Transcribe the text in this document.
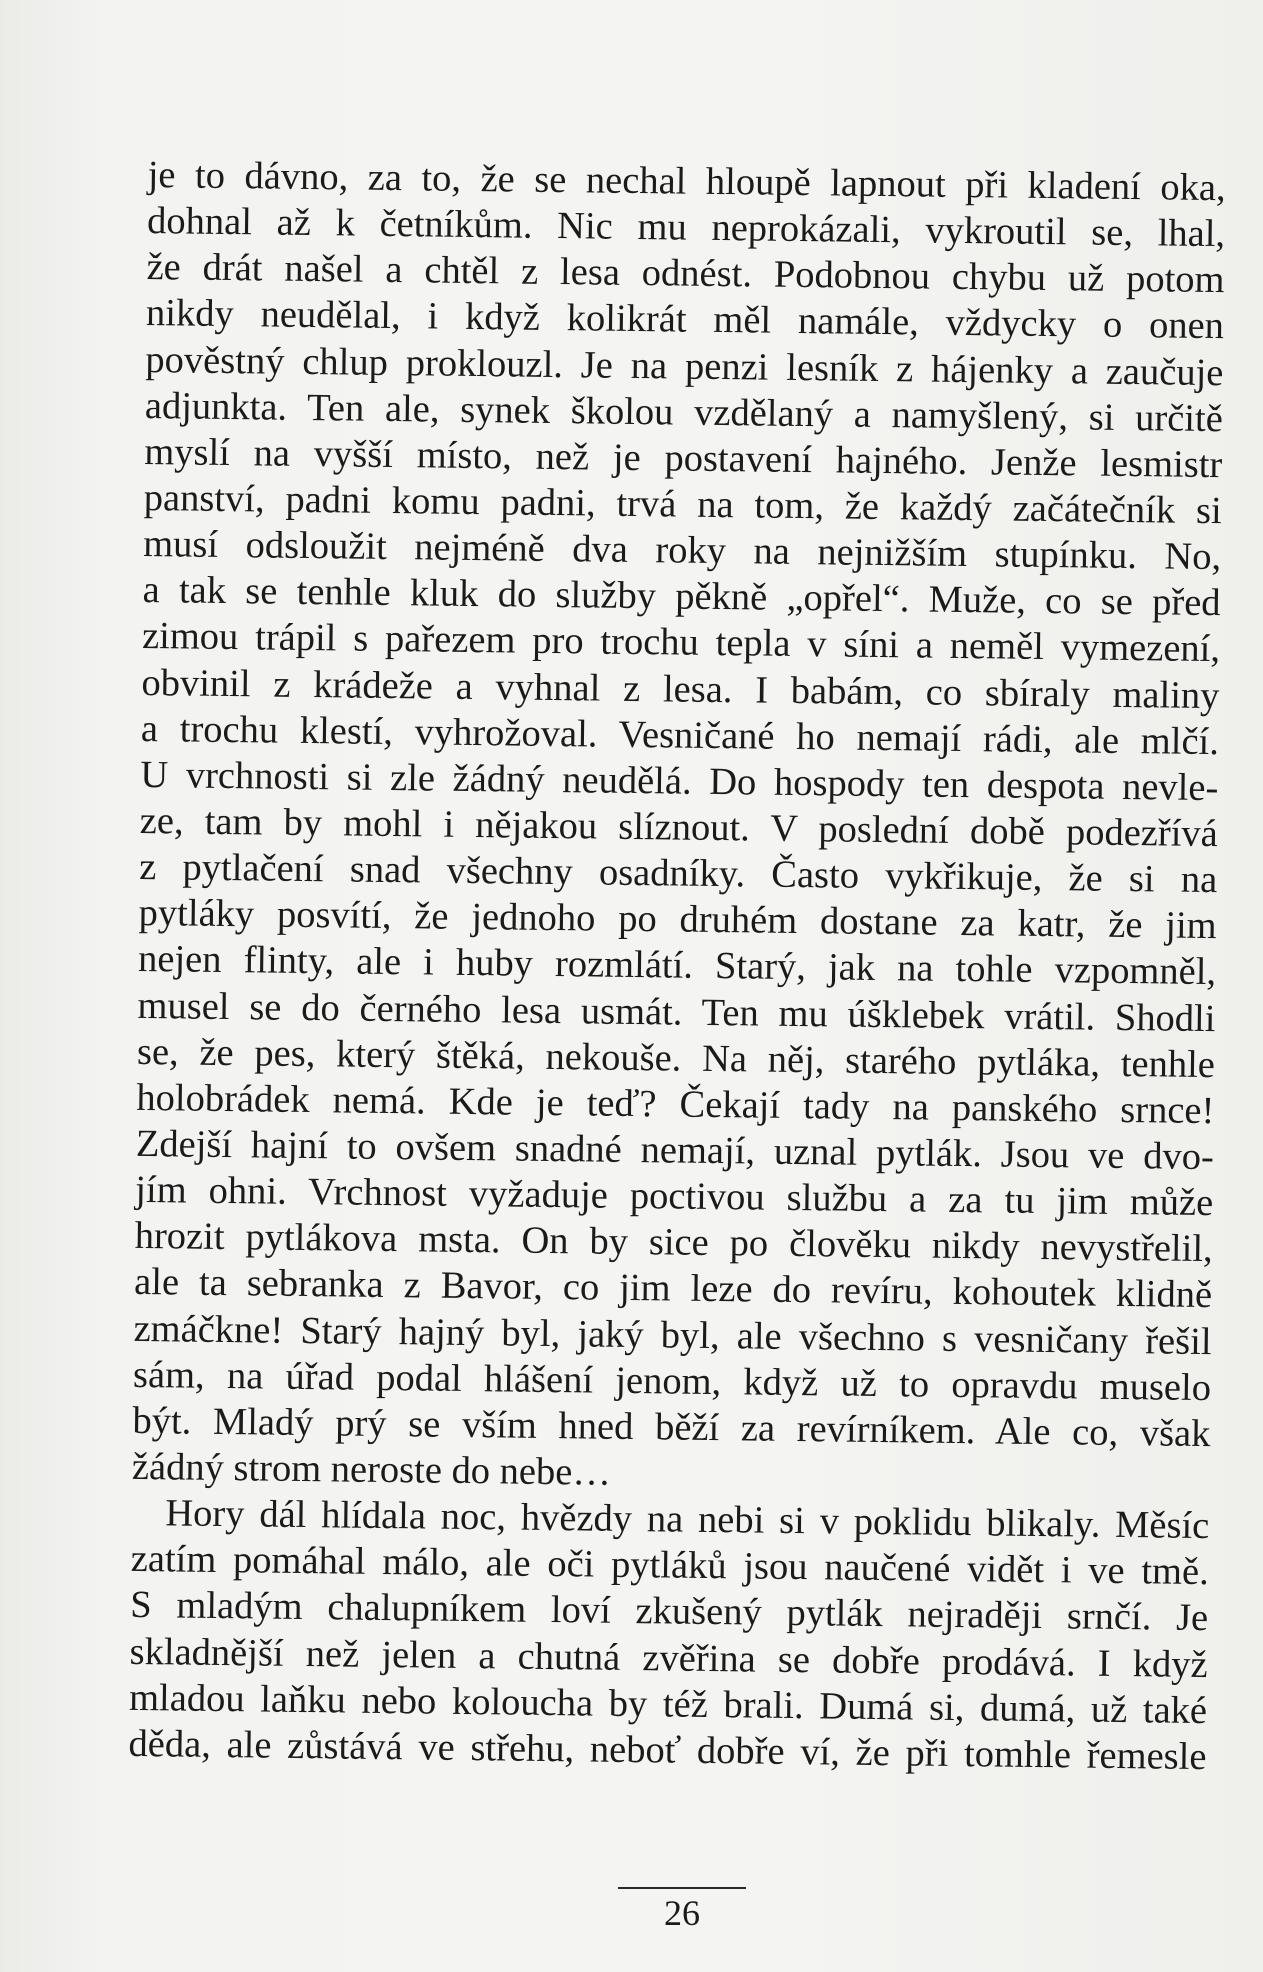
je to dávno, za to, že se nechal hloupě lapnout při kladení oka,
dohnal až k četníkům. Nic mu neprokázali, vykroutil se, lhal,
že drát našel a chtěl z lesa odnést. Podobnou chybu už potom
nikdy neudělal, i když kolikrát měl namále, vždycky o onen
pověstný chlup proklouzl. Je na penzi lesník z hájenky a zaučuje
adjunkta. Ten ale, synek školou vzdělaný a namyšlený, si určitě
myslí na vyšší místo, než je postavení hajného. Jenže lesmistr
panství, padni komu padni, trvá na tom, že každý začátečník si
musí odsloužit nejméně dva roky na nejnižším stupínku. No,
a tak se tenhle kluk do služby pěkně „opřel“. Muže, co se před
zimou trápil s pařezem pro trochu tepla v síni a neměl vymezení,
obvinil z krádeže a vyhnal z lesa. I babám, co sbíraly maliny
a trochu klestí, vyhrožoval. Vesničané ho nemají rádi, ale mlčí.
U vrchnosti si zle žádný neudělá. Do hospody ten despota nevle-
ze, tam by mohl i nějakou slíznout. V poslední době podezřívá
z pytlačení snad všechny osadníky. Často vykřikuje, že si na
pytláky posvítí, že jednoho po druhém dostane za katr, že jim
nejen flinty, ale i huby rozmlátí. Starý, jak na tohle vzpomněl,
musel se do černého lesa usmát. Ten mu úšklebek vrátil. Shodli
se, že pes, který štěká, nekouše. Na něj, starého pytláka, tenhle
holobrádek nemá. Kde je teď? Čekají tady na panského srnce!
Zdejší hajní to ovšem snadné nemají, uznal pytlák. Jsou ve dvo-
jím ohni. Vrchnost vyžaduje poctivou službu a za tu jim může
hrozit pytlákova msta. On by sice po člověku nikdy nevystřelil,
ale ta sebranka z Bavor, co jim leze do revíru, kohoutek klidně
zmáčkne! Starý hajný byl, jaký byl, ale všechno s vesničany řešil
sám, na úřad podal hlášení jenom, když už to opravdu muselo
být. Mladý prý se vším hned běží za revírníkem. Ale co, však
žádný strom neroste do nebe…
Hory dál hlídala noc, hvězdy na nebi si v poklidu blikaly. Měsíc
zatím pomáhal málo, ale oči pytláků jsou naučené vidět i ve tmě.
S mladým chalupníkem loví zkušený pytlák nejraději srnčí. Je
skladnější než jelen a chutná zvěřina se dobře prodává. I když
mladou laňku nebo koloucha by též brali. Dumá si, dumá, už také
děda, ale zůstává ve střehu, neboť dobře ví, že při tomhle řemesle
26
